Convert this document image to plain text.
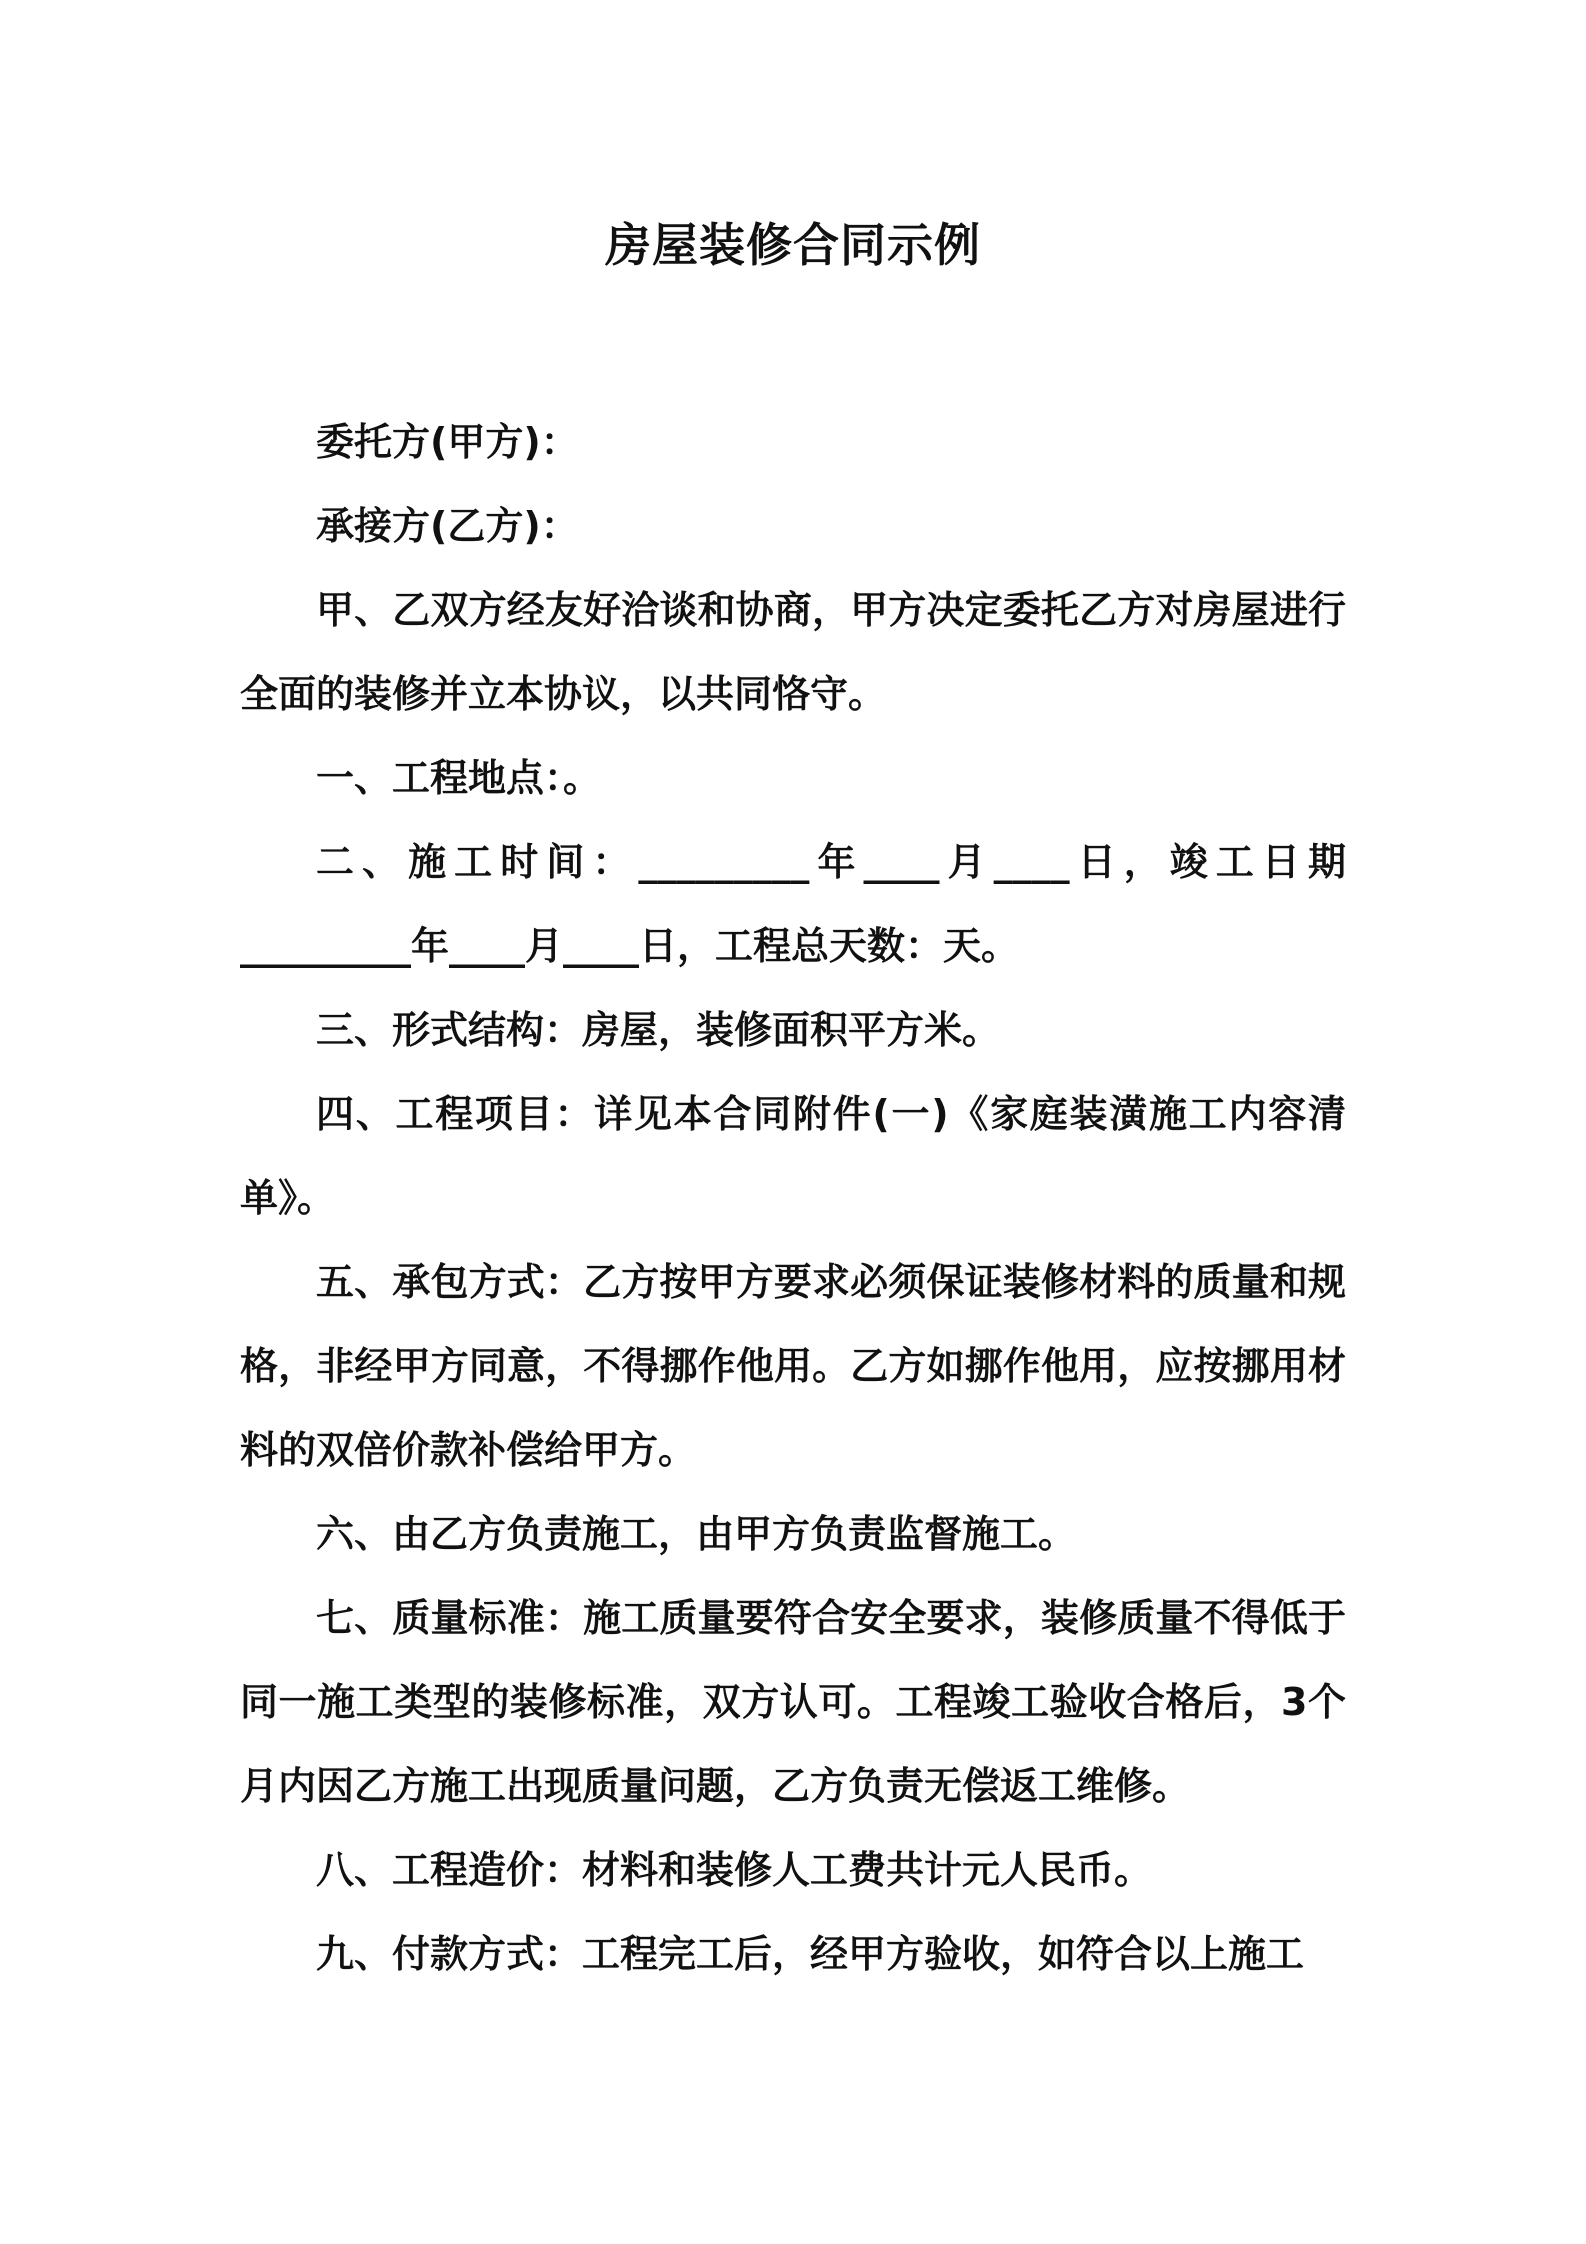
房屋装修合同示例

委托方(甲方)：

承接方(乙方)：

甲、乙双方经友好洽谈和协商，甲方决定委托乙方对房屋进行全面的装修并立本协议，以共同恪守。

一、工程地点：。

二、施工时间：_________年____月____日，竣工日期_________年____月____日，工程总天数：天。

三、形式结构：房屋，装修面积平方米。

四、工程项目：详见本合同附件(一)《家庭装潢施工内容清单》。

五、承包方式：乙方按甲方要求必须保证装修材料的质量和规格，非经甲方同意，不得挪作他用。乙方如挪作他用，应按挪用材料的双倍价款补偿给甲方。

六、由乙方负责施工，由甲方负责监督施工。

七、质量标准：施工质量要符合安全要求，装修质量不得低于同一施工类型的装修标准，双方认可。工程竣工验收合格后，3个月内因乙方施工出现质量问题，乙方负责无偿返工维修。

八、工程造价：材料和装修人工费共计元人民币。

九、付款方式：工程完工后，经甲方验收，如符合以上施工
